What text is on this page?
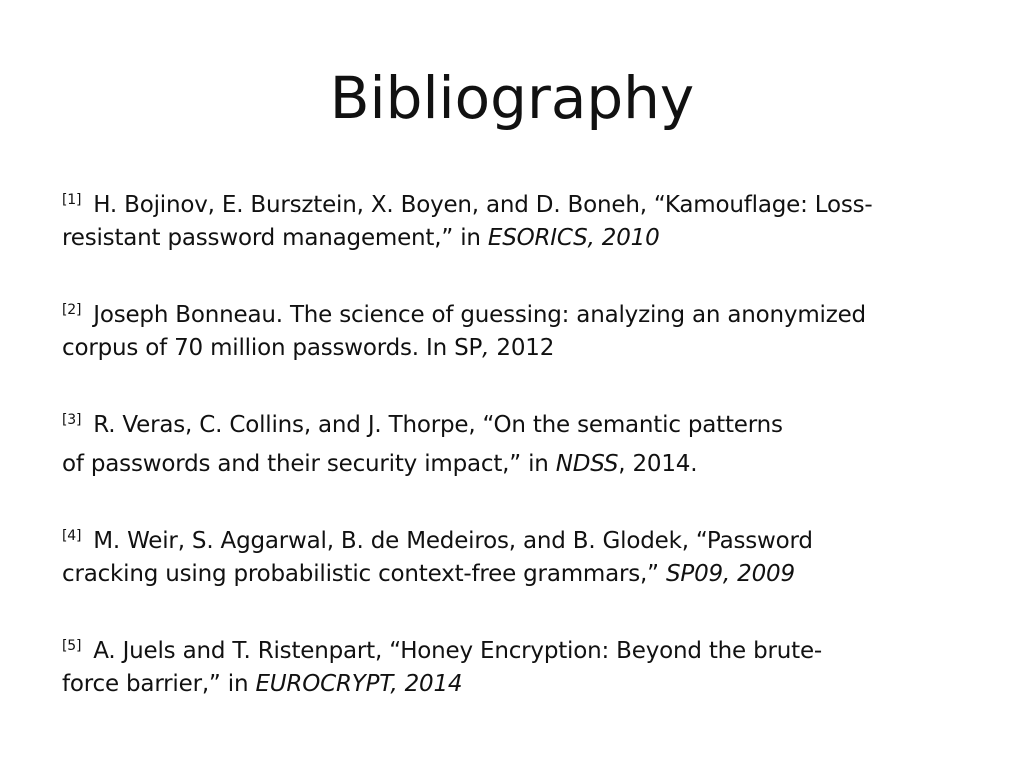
Bibliography

[1] H. Bojinov, E. Bursztein, X. Boyen, and D. Boneh, “Kamouflage: Loss-
resistant password management,” in ESORICS, 2010

[2] Joseph Bonneau. The science of guessing: analyzing an anonymized
corpus of 70 million passwords. In SP, 2012

[3] R. Veras, C. Collins, and J. Thorpe, “On the semantic patterns
of passwords and their security impact,” in NDSS, 2014.

[4] M. Weir, S. Aggarwal, B. de Medeiros, and B. Glodek, “Password
cracking using probabilistic context-free grammars,” SP09, 2009

[5] A. Juels and T. Ristenpart, “Honey Encryption: Beyond the brute-
force barrier,” in EUROCRYPT, 2014
